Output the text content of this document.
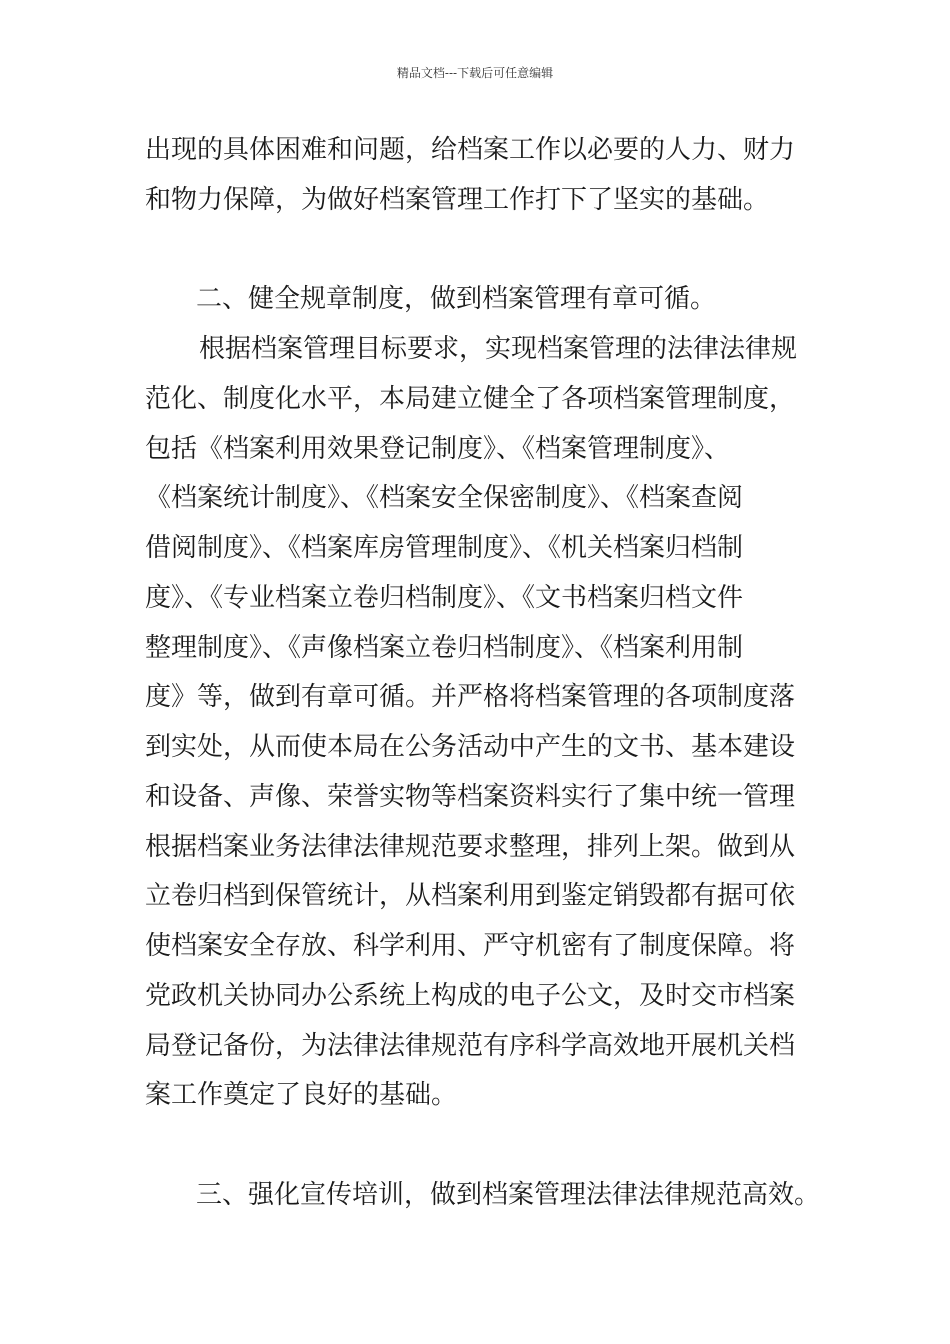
精品文档---下载后可任意编辑
出现的具体困难和问题，给档案工作以必要的人力、财力
和物力保障，为做好档案管理工作打下了坚实的基础。
二、健全规章制度，做到档案管理有章可循。
根据档案管理目标要求，实现档案管理的法律法律规
范化、制度化水平，本局建立健全了各项档案管理制度，
包括《档案利用效果登记制度》、《档案管理制度》、
《档案统计制度》、《档案安全保密制度》、《档案查阅
借阅制度》、《档案库房管理制度》、《机关档案归档制
度》、《专业档案立卷归档制度》、《文书档案归档文件
整理制度》、《声像档案立卷归档制度》、《档案利用制
度》等，做到有章可循。并严格将档案管理的各项制度落
到实处，从而使本局在公务活动中产生的文书、基本建设
和设备、声像、荣誉实物等档案资料实行了集中统一管理
根据档案业务法律法律规范要求整理，排列上架。做到从
立卷归档到保管统计，从档案利用到鉴定销毁都有据可依
使档案安全存放、科学利用、严守机密有了制度保障。将
党政机关协同办公系统上构成的电子公文，及时交市档案
局登记备份，为法律法律规范有序科学高效地开展机关档
案工作奠定了良好的基础。
三、强化宣传培训，做到档案管理法律法律规范高效。
